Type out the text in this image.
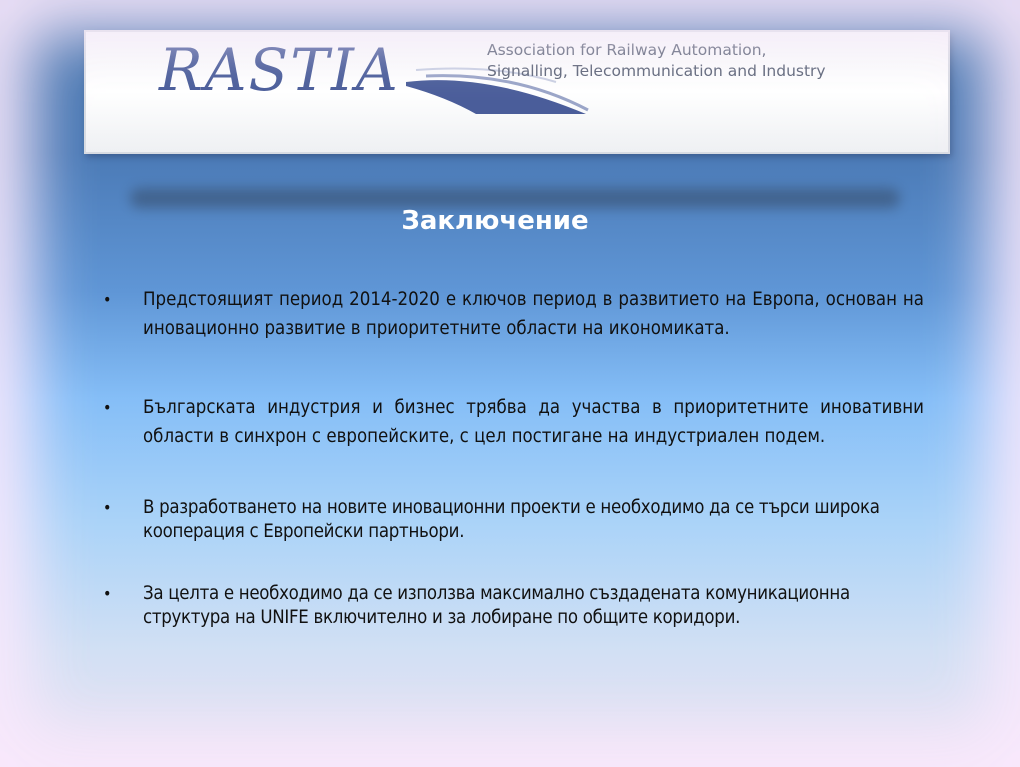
RASTIA	Association for Railway Automation,
Signalling, Telecommunication and Industry
Заключение
• Предстоящият период 2014-2020 е ключов период в развитието на Европа, основан на иновационно развитие в приоритетните области на икономиката.
• Българската индустрия и бизнес трябва да участва в приоритетните иновативни области в синхрон с европейските, с цел постигане на индустриален подем.
• В разработването на новите иновационни проекти е необходимо да се търси широка кооперация с Европейски партньори.
• За целта е необходимо да се използва максимално създадената комуникационна структура на UNIFE включително и за лобиране по общите коридори.
